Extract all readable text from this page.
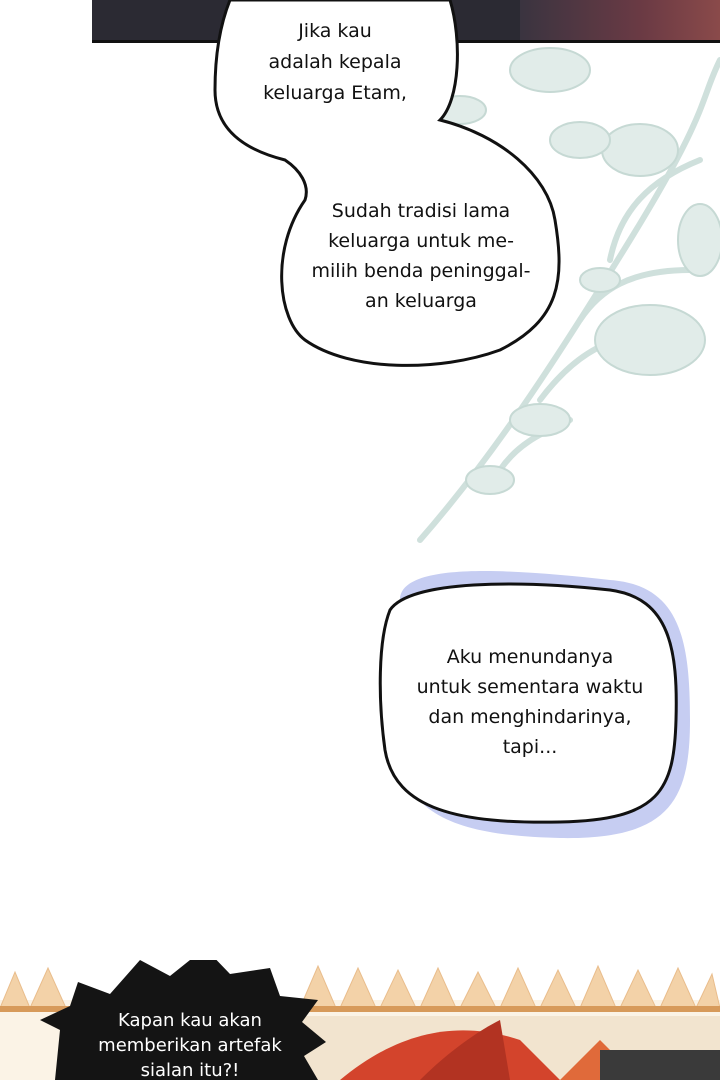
Jika kau
adalah kepala
keluarga Etam,
Sudah tradisi lama
keluarga untuk me-
milih benda peninggal-
an keluarga
Aku menundanya
untuk sementara waktu
dan menghindarinya,
tapi...
Kapan kau akan
memberikan artefak
sialan itu?!
